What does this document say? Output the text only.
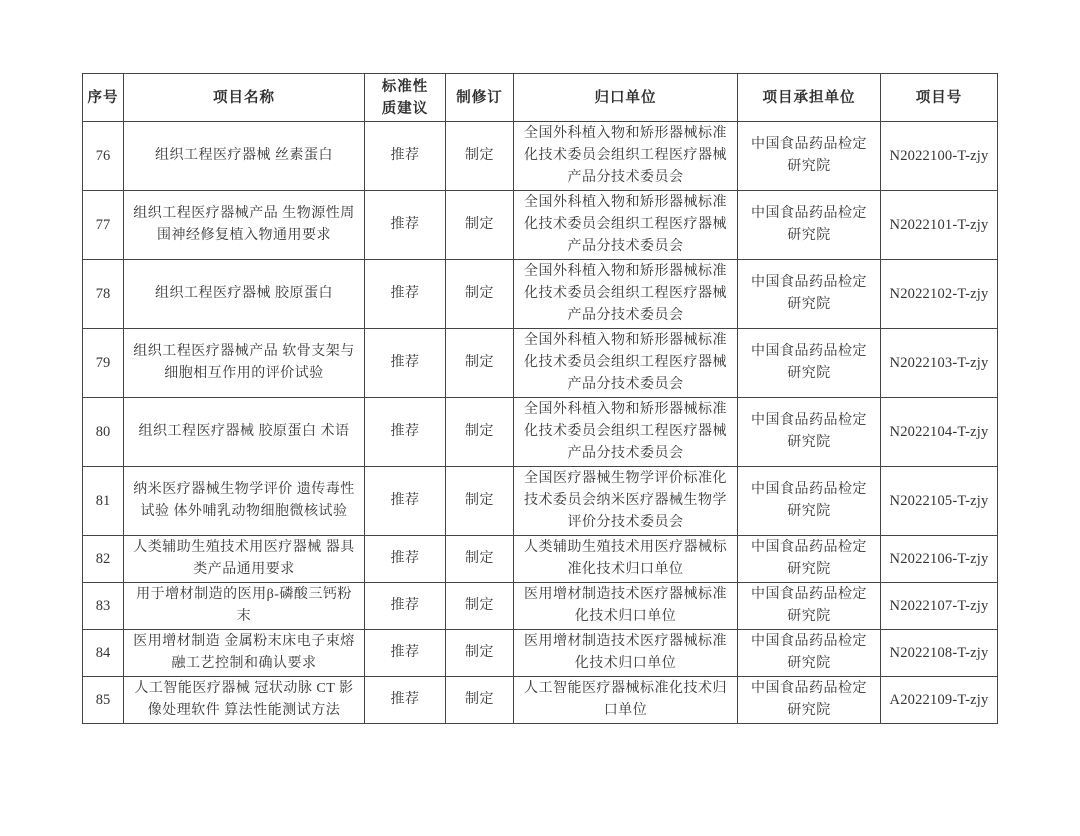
序号	项目名称	标准性质建议	制修订	归口单位	项目承担单位	项目号
76	组织工程医疗器械 丝素蛋白	推荐	制定	全国外科植入物和矫形器械标准化技术委员会组织工程医疗器械产品分技术委员会	中国食品药品检定研究院	N2022100-T-zjy
77	组织工程医疗器械产品 生物源性周围神经修复植入物通用要求	推荐	制定	全国外科植入物和矫形器械标准化技术委员会组织工程医疗器械产品分技术委员会	中国食品药品检定研究院	N2022101-T-zjy
78	组织工程医疗器械 胶原蛋白	推荐	制定	全国外科植入物和矫形器械标准化技术委员会组织工程医疗器械产品分技术委员会	中国食品药品检定研究院	N2022102-T-zjy
79	组织工程医疗器械产品 软骨支架与细胞相互作用的评价试验	推荐	制定	全国外科植入物和矫形器械标准化技术委员会组织工程医疗器械产品分技术委员会	中国食品药品检定研究院	N2022103-T-zjy
80	组织工程医疗器械 胶原蛋白 术语	推荐	制定	全国外科植入物和矫形器械标准化技术委员会组织工程医疗器械产品分技术委员会	中国食品药品检定研究院	N2022104-T-zjy
81	纳米医疗器械生物学评价 遗传毒性试验 体外哺乳动物细胞微核试验	推荐	制定	全国医疗器械生物学评价标准化技术委员会纳米医疗器械生物学评价分技术委员会	中国食品药品检定研究院	N2022105-T-zjy
82	人类辅助生殖技术用医疗器械 器具类产品通用要求	推荐	制定	人类辅助生殖技术用医疗器械标准化技术归口单位	中国食品药品检定研究院	N2022106-T-zjy
83	用于增材制造的医用β-磷酸三钙粉末	推荐	制定	医用增材制造技术医疗器械标准化技术归口单位	中国食品药品检定研究院	N2022107-T-zjy
84	医用增材制造 金属粉末床电子束熔融工艺控制和确认要求	推荐	制定	医用增材制造技术医疗器械标准化技术归口单位	中国食品药品检定研究院	N2022108-T-zjy
85	人工智能医疗器械 冠状动脉 CT 影像处理软件 算法性能测试方法	推荐	制定	人工智能医疗器械标准化技术归口单位	中国食品药品检定研究院	A2022109-T-zjy
